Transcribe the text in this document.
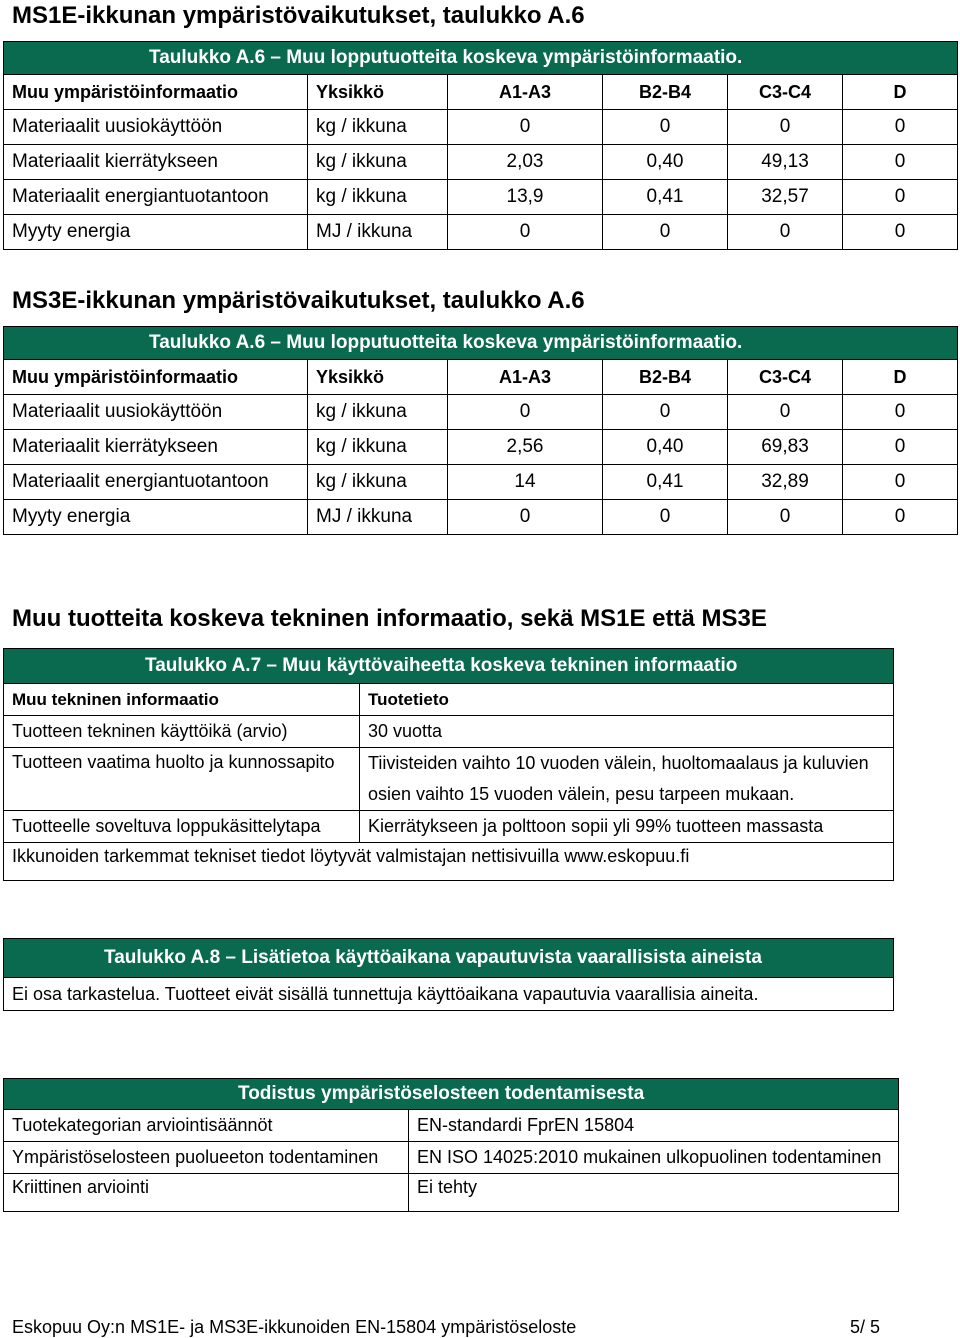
MS1E-ikkunan ympäristövaikutukset, taulukko A.6
Taulukko A.6 – Muu lopputuotteita koskeva ympäristöinformaatio.					
Muu ympäristöinformaatio	Yksikkö	A1-A3	B2-B4	C3-C4	D
Materiaalit uusiokäyttöön	kg / ikkuna	0	0	0	0
Materiaalit kierrätykseen	kg / ikkuna	2,03	0,40	49,13	0
Materiaalit energiantuotantoon	kg / ikkuna	13,9	0,41	32,57	0
Myyty energia	MJ / ikkuna	0	0	0	0
MS3E-ikkunan ympäristövaikutukset, taulukko A.6
Taulukko A.6 – Muu lopputuotteita koskeva ympäristöinformaatio.					
Muu ympäristöinformaatio	Yksikkö	A1-A3	B2-B4	C3-C4	D
Materiaalit uusiokäyttöön	kg / ikkuna	0	0	0	0
Materiaalit kierrätykseen	kg / ikkuna	2,56	0,40	69,83	0
Materiaalit energiantuotantoon	kg / ikkuna	14	0,41	32,89	0
Myyty energia	MJ / ikkuna	0	0	0	0
Muu tuotteita koskeva tekninen informaatio, sekä MS1E että MS3E
Taulukko A.7 – Muu käyttövaiheetta koskeva tekninen informaatio	
Muu tekninen informaatio	Tuotetieto
Tuotteen tekninen käyttöikä (arvio)	30 vuotta
Tuotteen vaatima huolto ja kunnossapito	Tiivisteiden vaihto 10 vuoden välein, huoltomaalaus ja kuluvien
osien vaihto 15 vuoden välein, pesu tarpeen mukaan.

Tuotteelle soveltuva loppukäsittelytapa	Kierrätykseen ja polttoon sopii yli 99% tuotteen massasta
Ikkunoiden tarkemmat tekniset tiedot löytyvät valmistajan nettisivuilla www.eskopuu.fi	
Taulukko A.8 – Lisätietoa käyttöaikana vapautuvista vaarallisista aineista
Ei osa tarkastelua. Tuotteet eivät sisällä tunnettuja käyttöaikana vapautuvia vaarallisia aineita.
Todistus ympäristöselosteen todentamisesta	
Tuotekategorian arviointisäännöt	EN-standardi FprEN 15804
Ympäristöselosteen puolueeton todentaminen	EN ISO 14025:2010 mukainen ulkopuolinen todentaminen
Kriittinen arviointi	Ei tehty
Eskopuu Oy:n MS1E- ja MS3E-ikkunoiden EN-15804 ympäristöseloste	5/ 5
